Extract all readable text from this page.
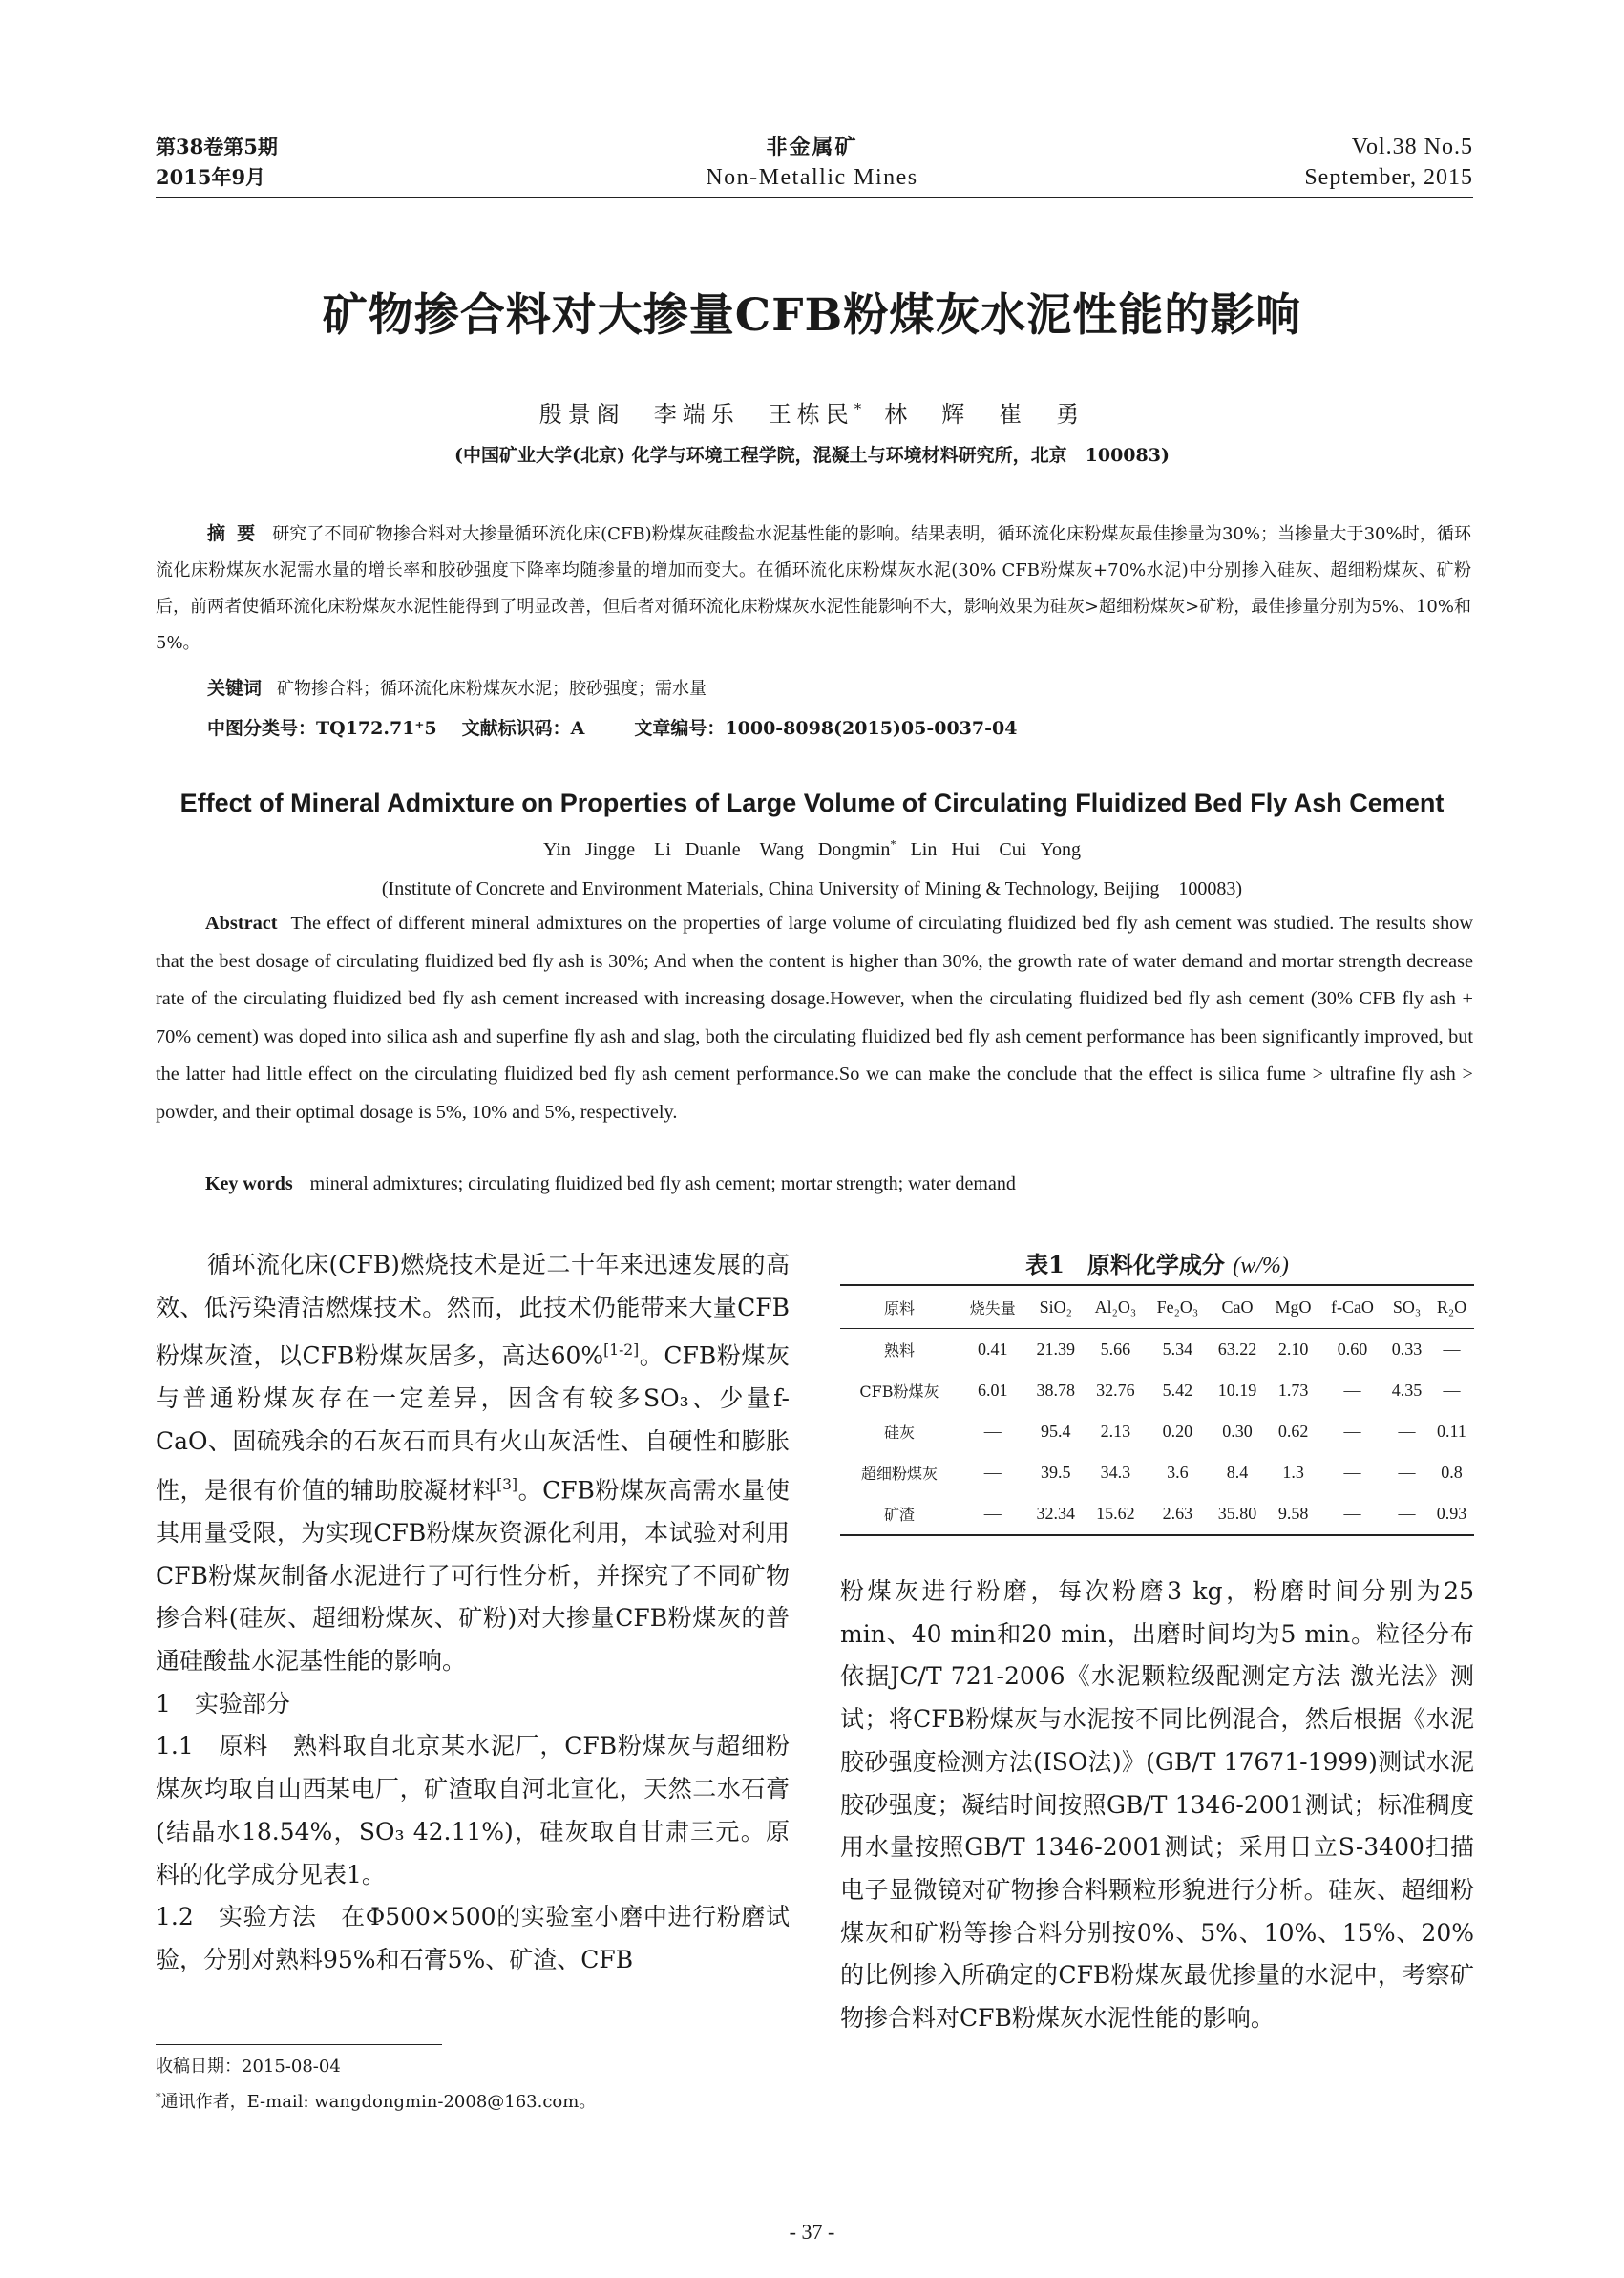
第38卷第5期
2015年9月
非金属矿
Non-Metallic Mines
Vol.38 No.5
September, 2015
矿物掺合料对大掺量CFB粉煤灰水泥性能的影响
殷景阁　李端乐　王栋民* 林　辉　崔　勇
(中国矿业大学(北京) 化学与环境工程学院，混凝土与环境材料研究所，北京　100083)
摘要 研究了不同矿物掺合料对大掺量循环流化床(CFB)粉煤灰硅酸盐水泥基性能的影响。结果表明，循环流化床粉煤灰最佳掺量为30%；当掺量大于30%时，循环流化床粉煤灰水泥需水量的增长率和胶砂强度下降率均随掺量的增加而变大。在循环流化床粉煤灰水泥(30% CFB粉煤灰+70%水泥)中分别掺入硅灰、超细粉煤灰、矿粉后，前两者使循环流化床粉煤灰水泥性能得到了明显改善，但后者对循环流化床粉煤灰水泥性能影响不大，影响效果为硅灰>超细粉煤灰>矿粉，最佳掺量分别为5%、10%和5%。
关键词 矿物掺合料；循环流化床粉煤灰水泥；胶砂强度；需水量
中图分类号：TQ172.71⁺5 文献标识码：A	文章编号：1000-8098(2015)05-0037-04
Effect of Mineral Admixture on Properties of Large Volume of Circulating Fluidized Bed Fly Ash Cement
Yin Jingge　Li Duanle　Wang Dongmin* Lin Hui　Cui Yong
(Institute of Concrete and Environment Materials, China University of Mining & Technology, Beijing　100083)
Abstract The effect of different mineral admixtures on the properties of large volume of circulating fluidized bed fly ash cement was studied. The results show that the best dosage of circulating fluidized bed fly ash is 30%; And when the content is higher than 30%, the growth rate of water demand and mortar strength decrease rate of the circulating fluidized bed fly ash cement increased with increasing dosage.However, when the circulating fluidized bed fly ash cement (30% CFB fly ash + 70% cement) was doped into silica ash and superfine fly ash and slag, both the circulating fluidized bed fly ash cement performance has been significantly improved, but the latter had little effect on the circulating fluidized bed fly ash cement performance.So we can make the conclude that the effect is silica fume > ultrafine fly ash > powder, and their optimal dosage is 5%, 10% and 5%, respectively.
Key words mineral admixtures; circulating fluidized bed fly ash cement; mortar strength; water demand

循环流化床(CFB)燃烧技术是近二十年来迅速发展的高效、低污染清洁燃煤技术。然而，此技术仍能带来大量CFB粉煤灰渣，以CFB粉煤灰居多，高达60%[1-2]。CFB粉煤灰与普通粉煤灰存在一定差异，因含有较多SO₃、少量f-CaO、固硫残余的石灰石而具有火山灰活性、自硬性和膨胀性，是很有价值的辅助胶凝材料[3]。CFB粉煤灰高需水量使其用量受限，为实现CFB粉煤灰资源化利用，本试验对利用CFB粉煤灰制备水泥进行了可行性分析，并探究了不同矿物掺合料(硅灰、超细粉煤灰、矿粉)对大掺量CFB粉煤灰的普通硅酸盐水泥基性能的影响。

1　实验部分

1.1　原料　 熟料取自北京某水泥厂，CFB粉煤灰与超细粉煤灰均取自山西某电厂，矿渣取自河北宣化，天然二水石膏(结晶水18.54%，SO₃ 42.11%)，硅灰取自甘肃三元。原料的化学成分见表1。

1.2　实验方法　 在Φ500×500的实验室小磨中进行粉磨试验，分别对熟料95%和石膏5%、矿渣、CFB

表1　原料化学成分 (w/%)
原料	烧失量	SiO₂	Al₂O₃	Fe₂O₃	CaO	MgO	f-CaO	SO₃	R₂O
熟料	0.41	21.39	5.66	5.34	63.22	2.10	0.60	0.33	—
CFB粉煤灰	6.01	38.78	32.76	5.42	10.19	1.73	—	4.35	—
硅灰	—	95.4	2.13	0.20	0.30	0.62	—	—	0.11
超细粉煤灰	—	39.5	34.3	3.6	8.4	1.3	—	—	0.8
矿渣	—	32.34	15.62	2.63	35.80	9.58	—	—	0.93

粉煤灰进行粉磨，每次粉磨3 kg，粉磨时间分别为25 min、40 min和20 min，出磨时间均为5 min。粒径分布依据JC/T 721-2006《水泥颗粒级配测定方法 激光法》测试；将CFB粉煤灰与水泥按不同比例混合，然后根据《水泥胶砂强度检测方法(ISO法)》(GB/T 17671-1999)测试水泥胶砂强度；凝结时间按照GB/T 1346-2001测试；标准稠度用水量按照GB/T 1346-2001测试；采用日立S-3400扫描电子显微镜对矿物掺合料颗粒形貌进行分析。硅灰、超细粉煤灰和矿粉等掺合料分别按0%、5%、10%、15%、20%的比例掺入所确定的CFB粉煤灰最优掺量的水泥中，考察矿物掺合料对CFB粉煤灰水泥性能的影响。

收稿日期：2015-08-04
*通讯作者，E-mail: wangdongmin-2008@163.com。
- 37 -
